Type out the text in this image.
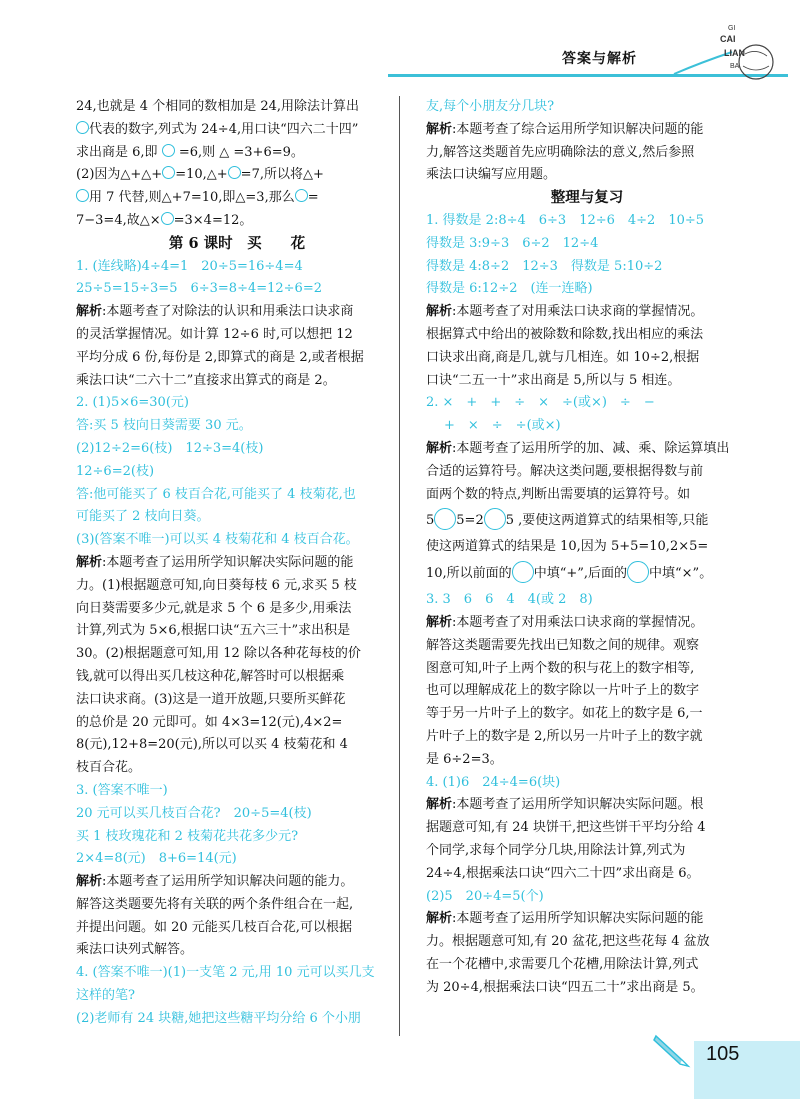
答案与解析
GI
CAI
LIAN
BA
24,也就是 4 个相同的数相加是 24,用除法计算出
代表的数字,列式为 24÷4,用口诀“四六二十四”
求出商是 6,即 =6,则 △ =3+6=9。
(2)因为△+△+ =10,△+ =7,所以将△+
用 7 代替,则△+7=10,即△=3,那么 =
7−3=4,故△× =3×4=12。
第 6 课时　买　　花
1. (连线略)4÷4=1　20÷5=16÷4=4
25÷5=15÷3=5　6÷3=8÷4=12÷6=2
解析:本题考查了对除法的认识和用乘法口诀求商
的灵活掌握情况。如计算 12÷6 时,可以想把 12
平均分成 6 份,每份是 2,即算式的商是 2,或者根据
乘法口诀“二六十二”直接求出算式的商是 2。
2. (1)5×6=30(元)
答:买 5 枝向日葵需要 30 元。
(2)12÷2=6(枝)　12÷3=4(枝)
12÷6=2(枝)
答:他可能买了 6 枝百合花,可能买了 4 枝菊花,也
可能买了 2 枝向日葵。
(3)(答案不唯一)可以买 4 枝菊花和 4 枝百合花。
解析:本题考查了运用所学知识解决实际问题的能
力。(1)根据题意可知,向日葵每枝 6 元,求买 5 枝
向日葵需要多少元,就是求 5 个 6 是多少,用乘法
计算,列式为 5×6,根据口诀“五六三十”求出积是
30。(2)根据题意可知,用 12 除以各种花每枝的价
钱,就可以得出买几枝这种花,解答时可以根据乘
法口诀求商。(3)这是一道开放题,只要所买鲜花
的总价是 20 元即可。如 4×3=12(元),4×2=
8(元),12+8=20(元),所以可以买 4 枝菊花和 4
枝百合花。
3. (答案不唯一)
20 元可以买几枝百合花?　20÷5=4(枝)
买 1 枝玫瑰花和 2 枝菊花共花多少元?
2×4=8(元)　8+6=14(元)
解析:本题考查了运用所学知识解决问题的能力。
解答这类题要先将有关联的两个条件组合在一起,
并提出问题。如 20 元能买几枝百合花,可以根据
乘法口诀列式解答。
4. (答案不唯一)(1)一支笔 2 元,用 10 元可以买几支
这样的笔?
(2)老师有 24 块糖,她把这些糖平均分给 6 个小朋
友,每个小朋友分几块?
解析:本题考查了综合运用所学知识解决问题的能
力,解答这类题首先应明确除法的意义,然后参照
乘法口诀编写应用题。
整理与复习
1. 得数是 2:8÷4　6÷3　12÷6　4÷2　10÷5
得数是 3:9÷3　6÷2　12÷4
得数是 4:8÷2　12÷3　得数是 5:10÷2
得数是 6:12÷2　(连一连略)
解析:本题考查了对用乘法口诀求商的掌握情况。
根据算式中给出的被除数和除数,找出相应的乘法
口诀求出商,商是几,就与几相连。如 10÷2,根据
口诀“二五一十”求出商是 5,所以与 5 相连。
2. ×　+　+　÷　×　÷(或×)　÷　−
+　×　÷　÷(或×)
解析:本题考查了运用所学的加、减、乘、除运算填出
合适的运算符号。解决这类问题,要根据得数与前
面两个数的特点,判断出需要填的运算符号。如
5 5=2 5 ,要使这两道算式的结果相等,只能
使这两道算式的结果是 10,因为 5+5=10,2×5=
10,所以前面的 中填“+”,后面的 中填“×”。
3. 3　6　6　4　4(或 2　8)
解析:本题考查了对用乘法口诀求商的掌握情况。
解答这类题需要先找出已知数之间的规律。观察
图意可知,叶子上两个数的积与花上的数字相等,
也可以理解成花上的数字除以一片叶子上的数字
等于另一片叶子上的数字。如花上的数字是 6,一
片叶子上的数字是 2,所以另一片叶子上的数字就
是 6÷2=3。
4. (1)6　24÷4=6(块)
解析:本题考查了运用所学知识解决实际问题。根
据题意可知,有 24 块饼干,把这些饼干平均分给 4
个同学,求每个同学分几块,用除法计算,列式为
24÷4,根据乘法口诀“四六二十四”求出商是 6。
(2)5　20÷4=5(个)
解析:本题考查了运用所学知识解决实际问题的能
力。根据题意可知,有 20 盆花,把这些花每 4 盆放
在一个花槽中,求需要几个花槽,用除法计算,列式
为 20÷4,根据乘法口诀“四五二十”求出商是 5。
105
